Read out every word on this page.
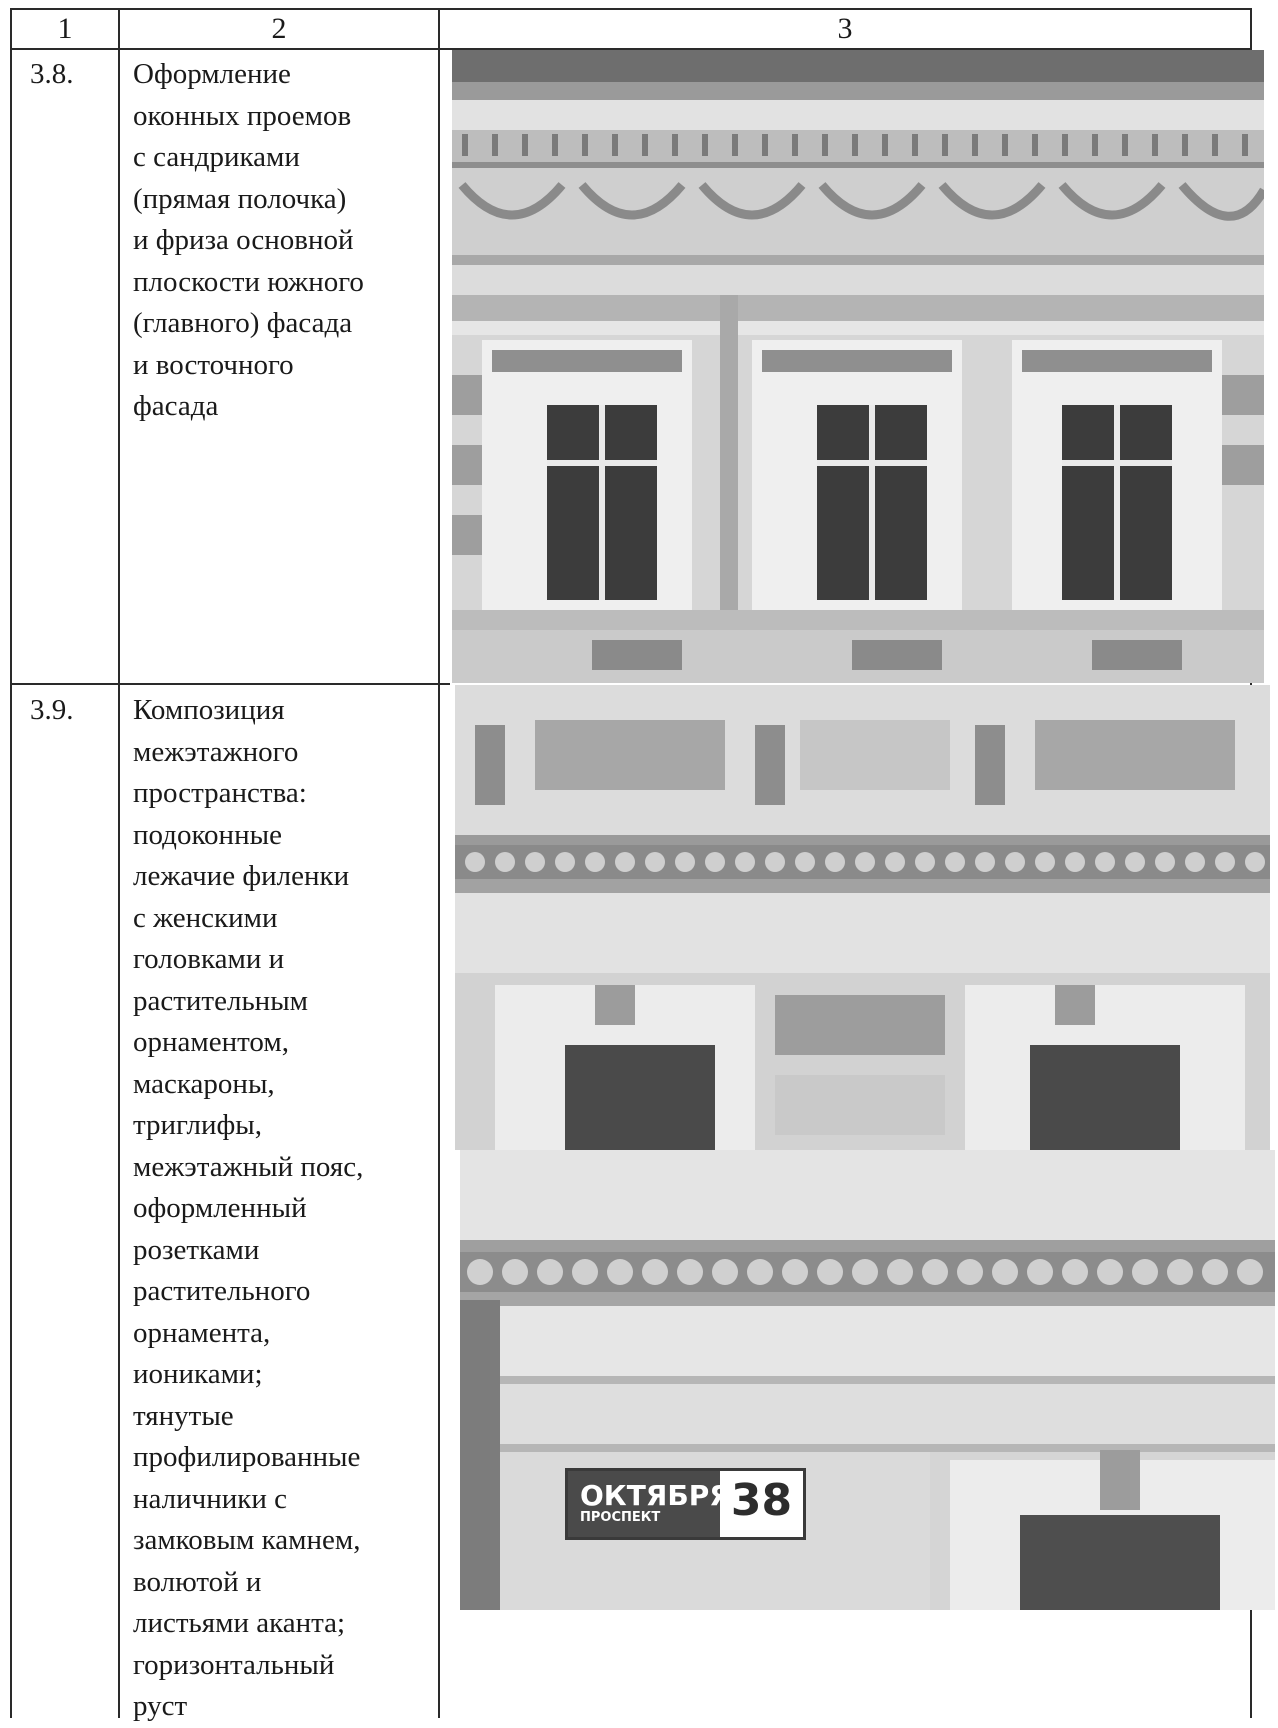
1	2	3
3.8. Оформление
оконных проемов
с сандриками
(прямая полочка)
и фриза основной
плоскости южного
(главного) фасада
и восточного
фасада

3.9. Композиция
межэтажного
пространства:
подоконные
лежачие филенки
с женскими
головками и
растительным
орнаментом,
маскароны,
триглифы,
межэтажный пояс,
оформленный
розетками
растительного
орнамента,
иониками;
тянутые
профилированные
наличники с
замковым камнем,
волютой и
листьями аканта;
горизонтальный
руст

ОКТЯБРЯ
ПРОСПЕКТ	38
